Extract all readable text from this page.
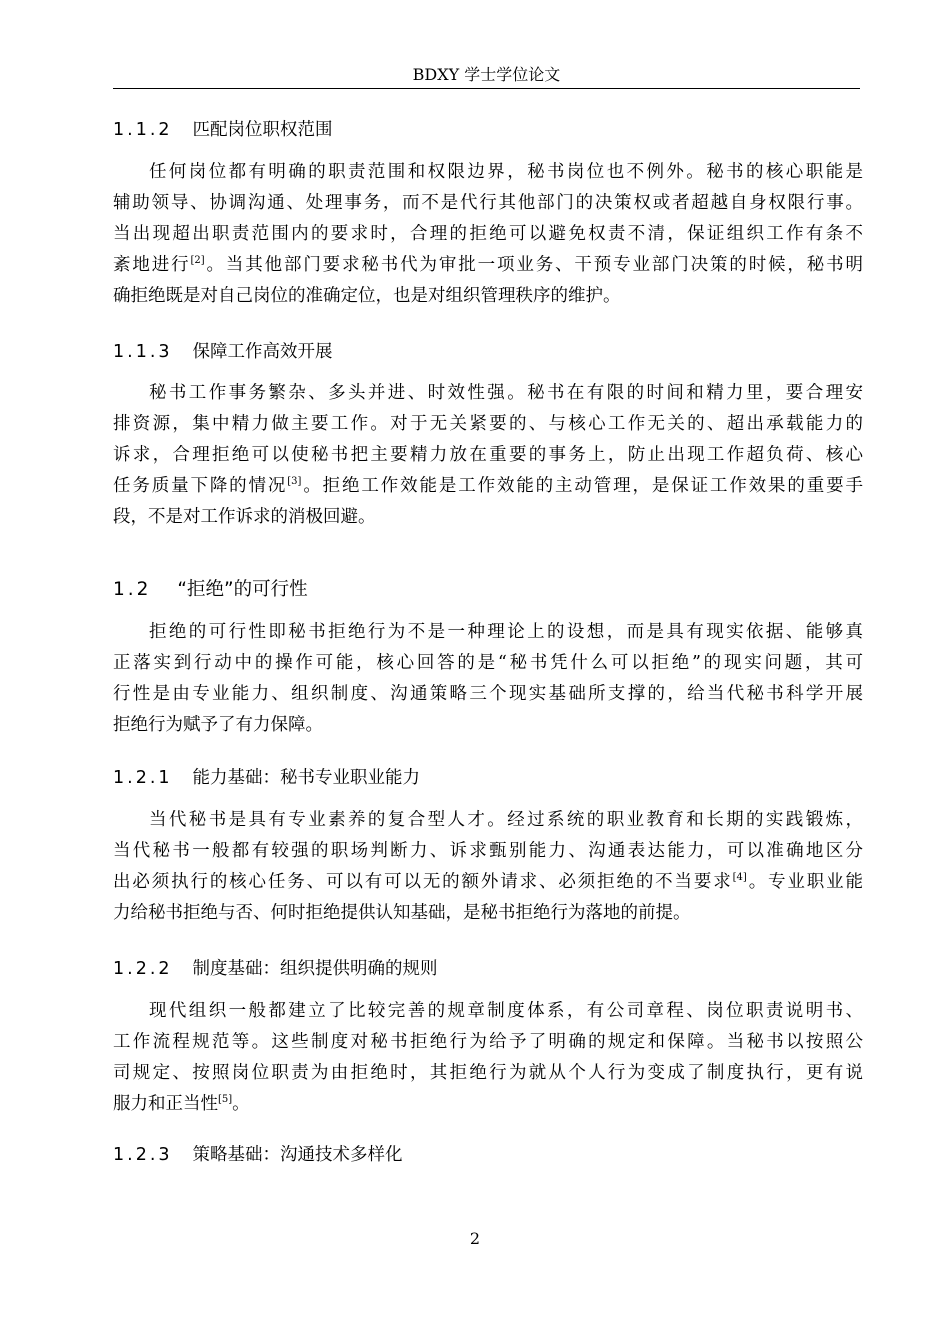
BDXY 学士学位论文
1.1.2 匹配岗位职权范围
任何岗位都有明确的职责范围和权限边界，秘书岗位也不例外。秘书的核心职能是
辅助领导、协调沟通、处理事务，而不是代行其他部门的决策权或者超越自身权限行事。
当出现超出职责范围内的要求时，合理的拒绝可以避免权责不清，保证组织工作有条不
紊地进行[2]。当其他部门要求秘书代为审批一项业务、干预专业部门决策的时候，秘书明
确拒绝既是对自己岗位的准确定位，也是对组织管理秩序的维护。
1.1.3 保障工作高效开展
秘书工作事务繁杂、多头并进、时效性强。秘书在有限的时间和精力里，要合理安
排资源，集中精力做主要工作。对于无关紧要的、与核心工作无关的、超出承载能力的
诉求，合理拒绝可以使秘书把主要精力放在重要的事务上，防止出现工作超负荷、核心
任务质量下降的情况[3]。拒绝工作效能是工作效能的主动管理，是保证工作效果的重要手
段，不是对工作诉求的消极回避。
1.2 “拒绝”的可行性
拒绝的可行性即秘书拒绝行为不是一种理论上的设想，而是具有现实依据、能够真
正落实到行动中的操作可能，核心回答的是“秘书凭什么可以拒绝”的现实问题，其可
行性是由专业能力、组织制度、沟通策略三个现实基础所支撑的，给当代秘书科学开展
拒绝行为赋予了有力保障。
1.2.1 能力基础：秘书专业职业能力
当代秘书是具有专业素养的复合型人才。经过系统的职业教育和长期的实践锻炼，
当代秘书一般都有较强的职场判断力、诉求甄别能力、沟通表达能力，可以准确地区分
出必须执行的核心任务、可以有可以无的额外请求、必须拒绝的不当要求[4]。专业职业能
力给秘书拒绝与否、何时拒绝提供认知基础，是秘书拒绝行为落地的前提。
1.2.2 制度基础：组织提供明确的规则
现代组织一般都建立了比较完善的规章制度体系，有公司章程、岗位职责说明书、
工作流程规范等。这些制度对秘书拒绝行为给予了明确的规定和保障。当秘书以按照公
司规定、按照岗位职责为由拒绝时，其拒绝行为就从个人行为变成了制度执行，更有说
服力和正当性[5]。
1.2.3 策略基础：沟通技术多样化
2
